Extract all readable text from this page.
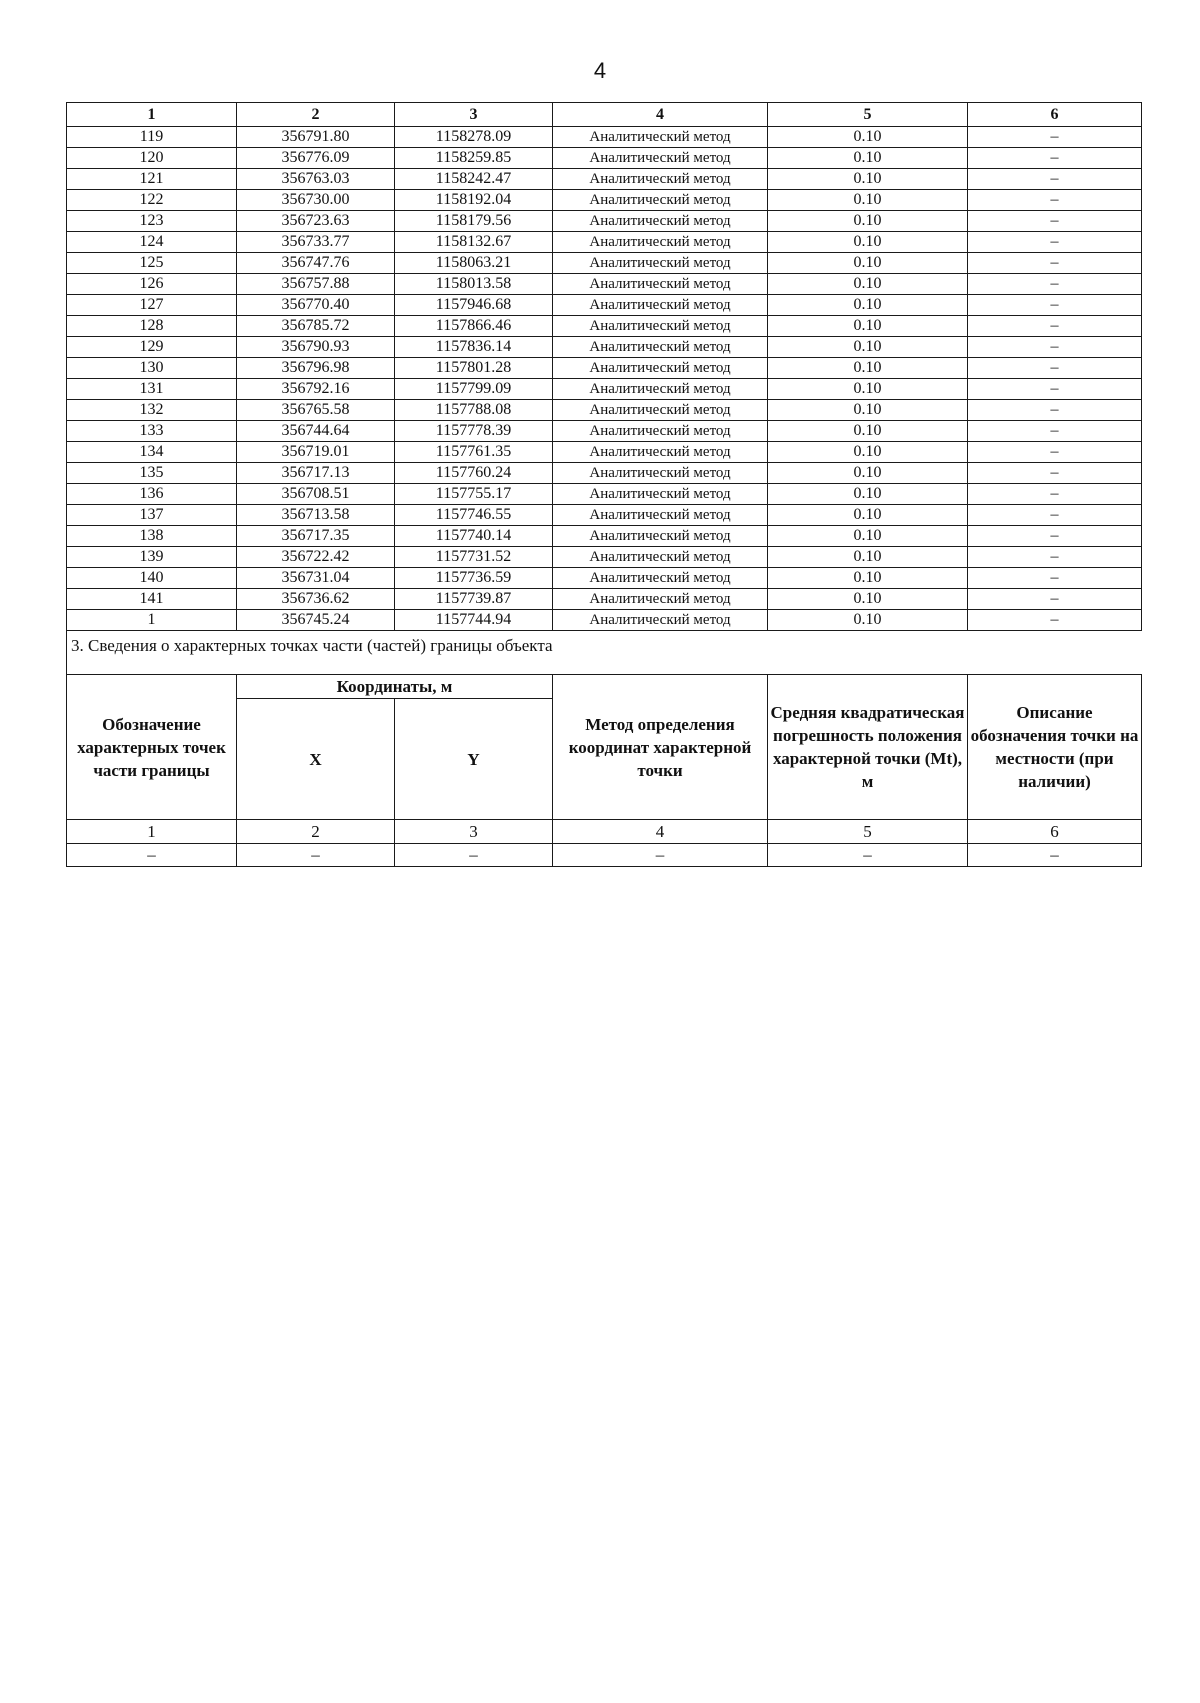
4
1	2	3	4	5	6
119	356791.80	1158278.09	Аналитический метод	0.10	–
120	356776.09	1158259.85	Аналитический метод	0.10	–
121	356763.03	1158242.47	Аналитический метод	0.10	–
122	356730.00	1158192.04	Аналитический метод	0.10	–
123	356723.63	1158179.56	Аналитический метод	0.10	–
124	356733.77	1158132.67	Аналитический метод	0.10	–
125	356747.76	1158063.21	Аналитический метод	0.10	–
126	356757.88	1158013.58	Аналитический метод	0.10	–
127	356770.40	1157946.68	Аналитический метод	0.10	–
128	356785.72	1157866.46	Аналитический метод	0.10	–
129	356790.93	1157836.14	Аналитический метод	0.10	–
130	356796.98	1157801.28	Аналитический метод	0.10	–
131	356792.16	1157799.09	Аналитический метод	0.10	–
132	356765.58	1157788.08	Аналитический метод	0.10	–
133	356744.64	1157778.39	Аналитический метод	0.10	–
134	356719.01	1157761.35	Аналитический метод	0.10	–
135	356717.13	1157760.24	Аналитический метод	0.10	–
136	356708.51	1157755.17	Аналитический метод	0.10	–
137	356713.58	1157746.55	Аналитический метод	0.10	–
138	356717.35	1157740.14	Аналитический метод	0.10	–
139	356722.42	1157731.52	Аналитический метод	0.10	–
140	356731.04	1157736.59	Аналитический метод	0.10	–
141	356736.62	1157739.87	Аналитический метод	0.10	–
1	356745.24	1157744.94	Аналитический метод	0.10	–
3. Сведения о характерных точках части (частей) границы объекта					
Обозначение характерных точек части границы	Координаты, м		Метод определения координат характерной точки	Средняя квадратическая погрешность положения характерной точки (Mt), м	Описание обозначения точки на местности (при наличии)
	X	Y			
1	2	3	4	5	6
–	–	–	–	–	–
